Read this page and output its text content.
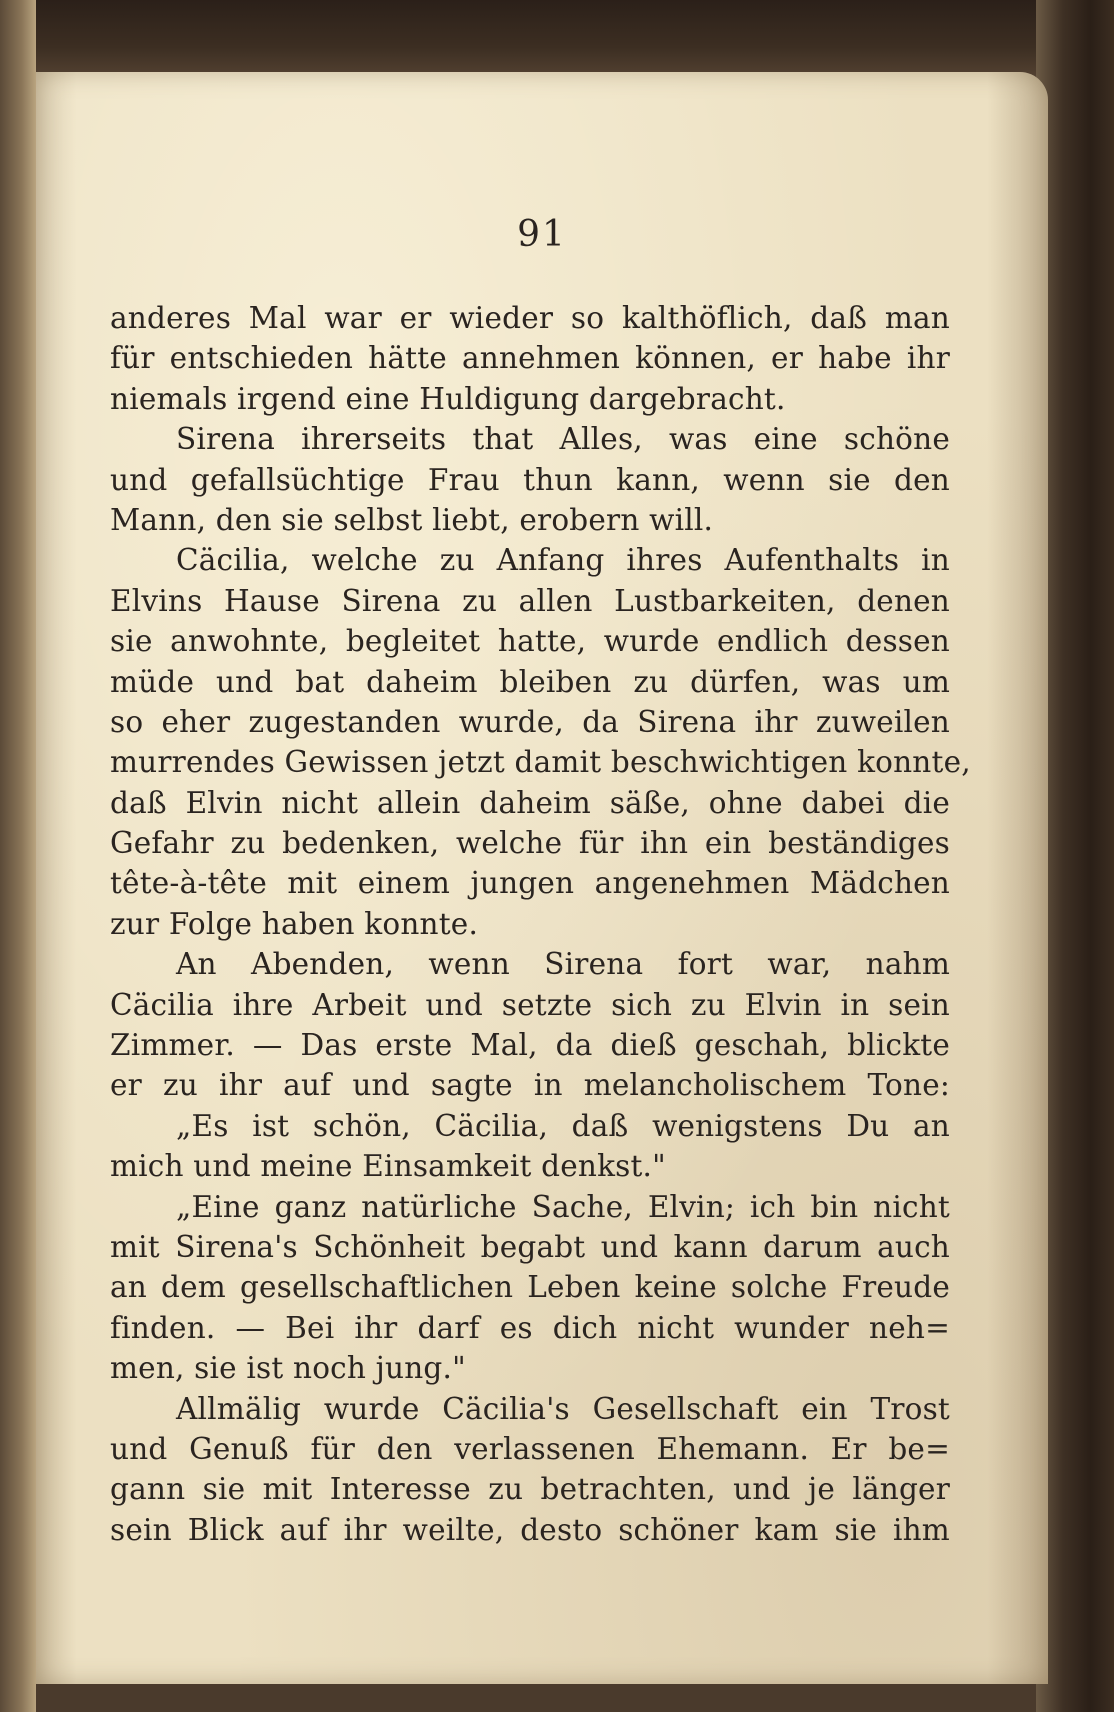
91
anderes Mal war er wieder so kalthöflich, daß man
für entschieden hätte annehmen können, er habe ihr
niemals irgend eine Huldigung dargebracht.
Sirena ihrerseits that Alles, was eine schöne
und gefallsüchtige Frau thun kann, wenn sie den
Mann, den sie selbst liebt, erobern will.
Cäcilia, welche zu Anfang ihres Aufenthalts in
Elvins Hause Sirena zu allen Lustbarkeiten, denen
sie anwohnte, begleitet hatte, wurde endlich dessen
müde und bat daheim bleiben zu dürfen, was um
so eher zugestanden wurde, da Sirena ihr zuweilen
murrendes Gewissen jetzt damit beschwichtigen konnte,
daß Elvin nicht allein daheim säße, ohne dabei die
Gefahr zu bedenken, welche für ihn ein beständiges
tête-à-tête mit einem jungen angenehmen Mädchen
zur Folge haben konnte.
An Abenden, wenn Sirena fort war, nahm
Cäcilia ihre Arbeit und setzte sich zu Elvin in sein
Zimmer. — Das erste Mal, da dieß geschah, blickte
er zu ihr auf und sagte in melancholischem Tone:
„Es ist schön, Cäcilia, daß wenigstens Du an
mich und meine Einsamkeit denkst."
„Eine ganz natürliche Sache, Elvin; ich bin nicht
mit Sirena's Schönheit begabt und kann darum auch
an dem gesellschaftlichen Leben keine solche Freude
finden. — Bei ihr darf es dich nicht wunder neh=
men, sie ist noch jung."
Allmälig wurde Cäcilia's Gesellschaft ein Trost
und Genuß für den verlassenen Ehemann. Er be=
gann sie mit Interesse zu betrachten, und je länger
sein Blick auf ihr weilte, desto schöner kam sie ihm
